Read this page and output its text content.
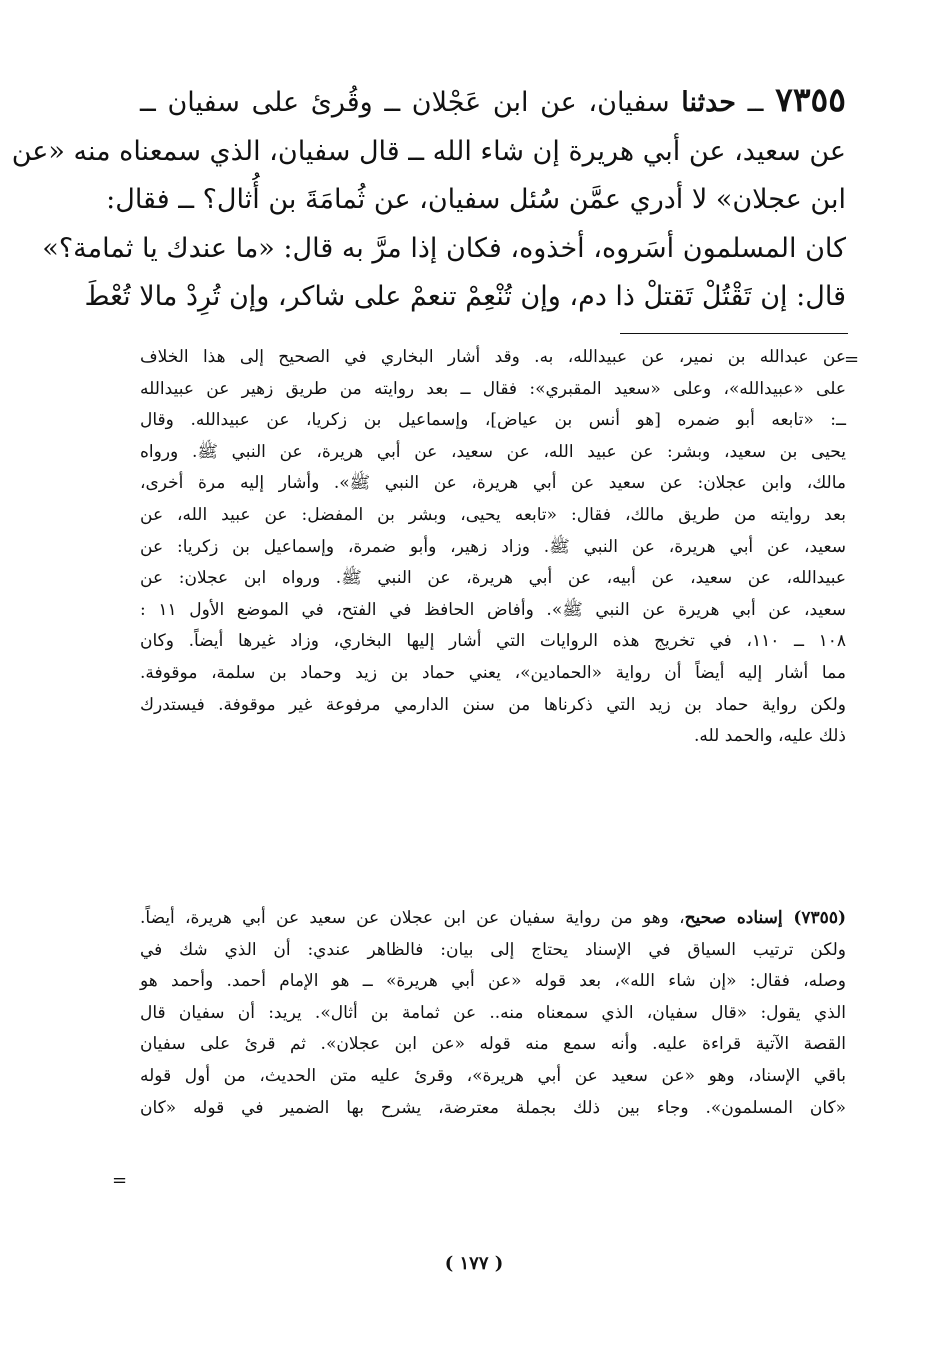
٧٣٥٥ ــ حدثنا سفيان، عن ابن عَجْلان ــ وقُرئ على سفيان ــ
عن سعيد، عن أبي هريرة إن شاء الله ــ قال سفيان، الذي سمعناه منه «عن
ابن عجلان» لا أدري عمَّن سُئل سفيان، عن ثُمامَةَ بن أُثال؟ ــ فقال:
كان المسلمون أسَروه، أخذوه، فكان إذا مرَّ به قال: «ما عندك يا ثمامة؟»
قال: إن تَقْتُلْ تَقتلْ ذا دم، وإن تُنْعِمْ تنعمْ على شاكر، وإن تُرِدْ مالا تُعْطَ
=
عن عبدالله بن نمير، عن عبيدالله، به. وقد أشار البخاري في الصحيح إلى هذا الخلاف
على «عبيدالله»، وعلى «سعيد المقبري»: فقال ــ بعد روايته من طريق زهير عن عبيدالله
ــ: «تابعه أبو ضمره [هو أنس بن عياض]، وإسماعيل بن زكريا، عن عبيدالله. وقال
يحيى بن سعيد، وبشر: عن عبيد الله، عن سعيد، عن أبي هريرة، عن النبي ﷺ. ورواه
مالك، وابن عجلان: عن سعيد عن أبي هريرة، عن النبي ﷺ». وأشار إليه مرة أخرى،
بعد روايته من طريق مالك، فقال: «تابعه يحيى، وبشر بن المفضل: عن عبيد الله، عن
سعيد، عن أبي هريرة، عن النبي ﷺ. وزاد زهير، وأبو ضمرة، وإسماعيل بن زكريا: عن
عبيدالله، عن سعيد، عن أبيه، عن أبي هريرة، عن النبي ﷺ. ورواه ابن عجلان: عن
سعيد، عن أبي هريرة عن النبي ﷺ». وأفاض الحافظ في الفتح، في الموضع الأول ١١ :
١٠٨ ــ ١١٠، في تخريج هذه الروايات التي أشار إليها البخاري، وزاد غيرها أيضاً. وكان
مما أشار إليه أيضاً أن رواية «الحمادين»، يعني حماد بن زيد وحماد بن سلمة، موقوفة.
ولكن رواية حماد بن زيد التي ذكرناها من سنن الدارمي مرفوعة غير موقوفة. فيستدرك
ذلك عليه، والحمد لله.
(٧٣٥٥) إسناده صحيح، وهو من رواية سفيان عن ابن عجلان عن سعيد عن أبي هريرة، أيضاً.
ولكن ترتيب السياق في الإسناد يحتاج إلى بيان: فالظاهر عندي: أن الذي شك في
وصله، فقال: «إن شاء الله»، بعد قوله «عن أبي هريرة» ــ هو الإمام أحمد. وأحمد هو
الذي يقول: «قال سفيان، الذي سمعناه منه.. عن ثمامة بن أثال». يريد: أن سفيان قال
القصة الآتية قراءة عليه. وأنه سمع منه قوله «عن ابن عجلان». ثم قرئ على سفيان
باقي الإسناد، وهو «عن سعيد عن أبي هريرة»، وقرئ عليه متن الحديث، من أول قوله
«كان المسلمون». وجاء بين ذلك بجملة معترضة، يشرح بها الضمير في قوله «كان
=
( ١٧٧ )
